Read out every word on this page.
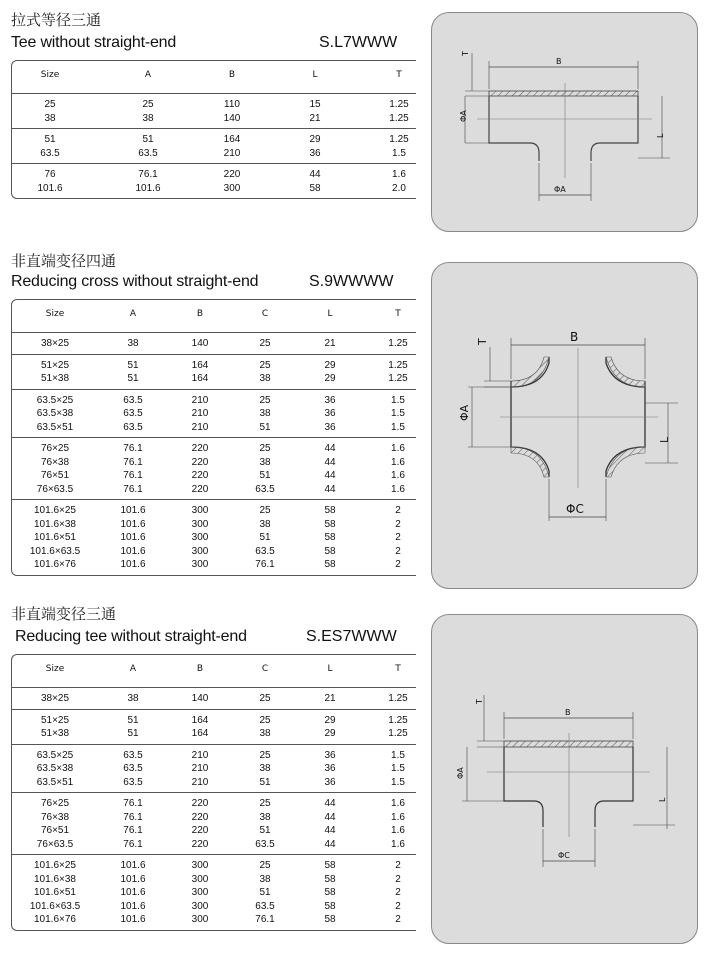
拉式等径三通
Tee without straight-end	S.L7WWW
Size	A	B	L	T
25	25	110	15	1.25
38	38	140	21	1.25
51	51	164	29	1.25
63.5	63.5	210	36	1.5
76	76.1	220	44	1.6
101.6	101.6	300	58	2.0
B
T
ΦA
L
ΦA
非直端变径四通
Reducing cross without straight-end	S.9WWWW
Size	A	B	C	L	T
38×25	38	140	25	21	1.25
51×25	51	164	25	29	1.25
51×38	51	164	38	29	1.25
63.5×25	63.5	210	25	36	1.5
63.5×38	63.5	210	38	36	1.5
63.5×51	63.5	210	51	36	1.5
76×25	76.1	220	25	44	1.6
76×38	76.1	220	38	44	1.6
76×51	76.1	220	51	44	1.6
76×63.5	76.1	220	63.5	44	1.6
101.6×25	101.6	300	25	58	2
101.6×38	101.6	300	38	58	2
101.6×51	101.6	300	51	58	2
101.6×63.5	101.6	300	63.5	58	2
101.6×76	101.6	300	76.1	58	2
B
T
ΦA
L
ΦC
非直端变径三通
Reducing tee without straight-end	S.ES7WWW
Size	A	B	C	L	T
38×25	38	140	25	21	1.25
51×25	51	164	25	29	1.25
51×38	51	164	38	29	1.25
63.5×25	63.5	210	25	36	1.5
63.5×38	63.5	210	38	36	1.5
63.5×51	63.5	210	51	36	1.5
76×25	76.1	220	25	44	1.6
76×38	76.1	220	38	44	1.6
76×51	76.1	220	51	44	1.6
76×63.5	76.1	220	63.5	44	1.6
101.6×25	101.6	300	25	58	2
101.6×38	101.6	300	38	58	2
101.6×51	101.6	300	51	58	2
101.6×63.5	101.6	300	63.5	58	2
101.6×76	101.6	300	76.1	58	2
B
T
ΦA
L
ΦC
